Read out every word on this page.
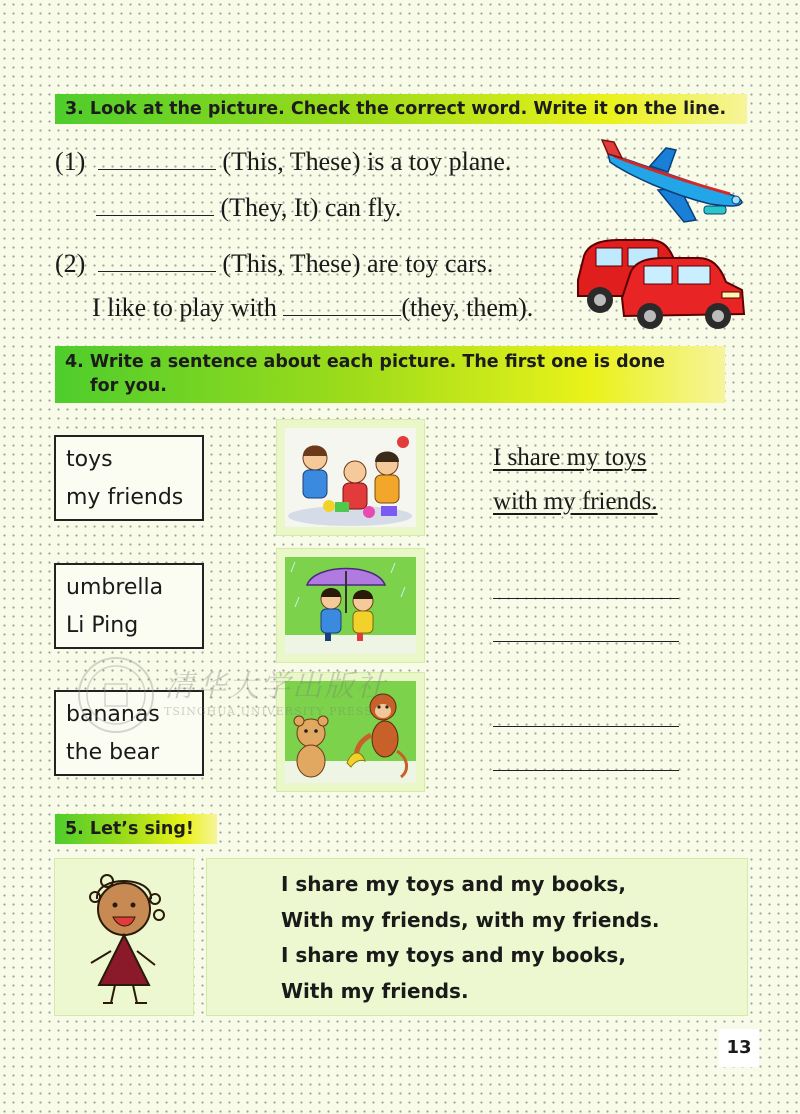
3. Look at the picture. Check the correct word. Write it on the line.
(1)	(This, These) is a toy plane.
(They, It) can fly.
(2)	(This, These) are toy cars.
I like to play with	(they, them).
4. Write a sentence about each picture. The first one is done
for you.
toys
my friends
I share my toys
with my friends.
umbrella
Li Ping
bananas
the bear
清华大学出版社
TSINGHUA UNIVERSITY PRESS
5. Let’s sing!
I share my toys and my books,
With my friends, with my friends.
I share my toys and my books,
With my friends.
13
